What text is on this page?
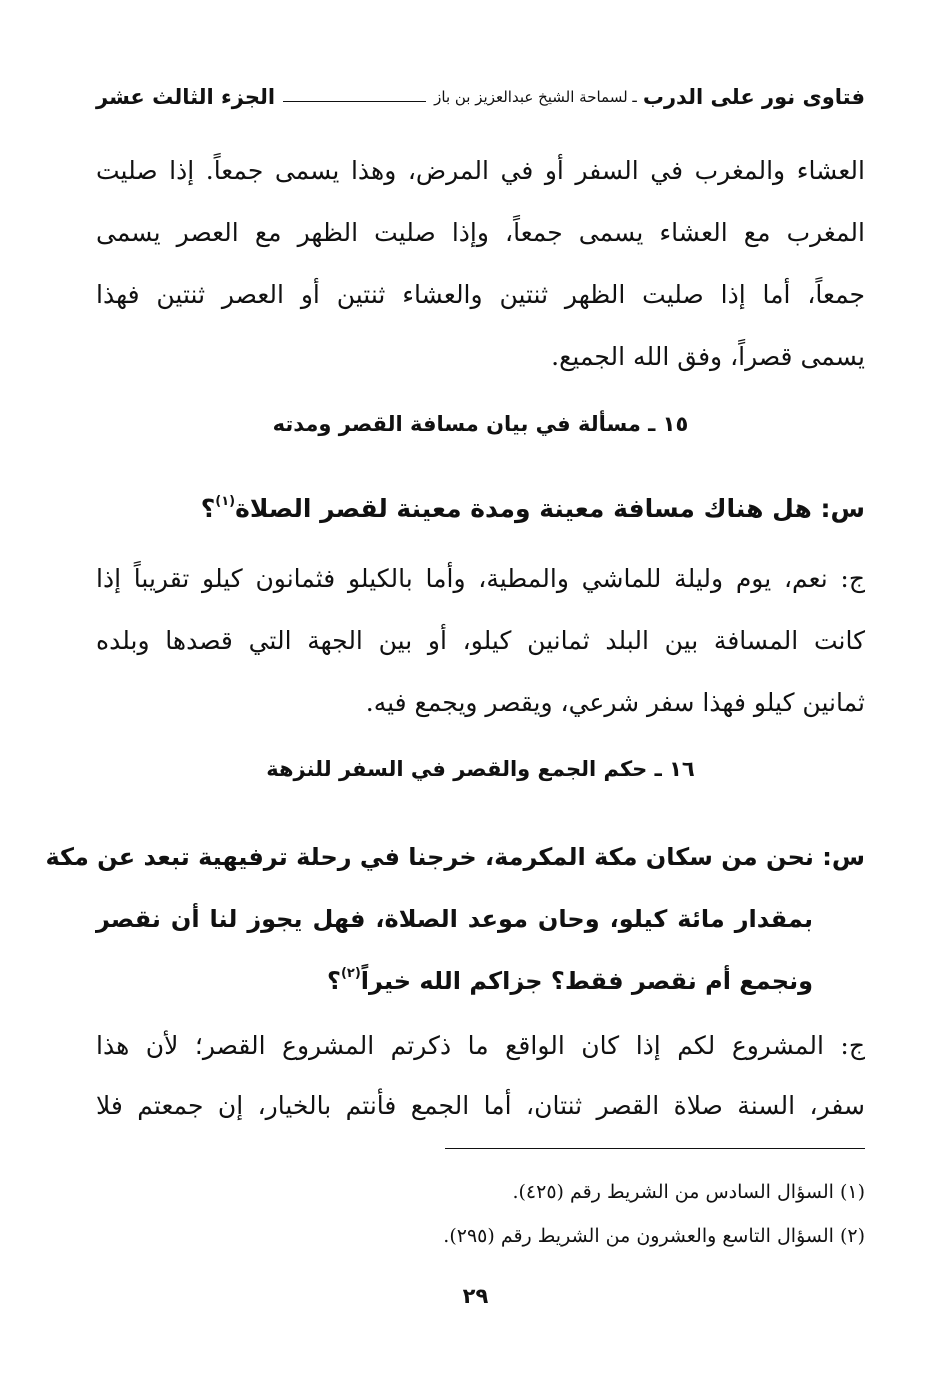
فتاوى نور على الدرب
ـ لسماحة الشيخ عبدالعزيز بن باز
الجزء الثالث عشر
العشاء والمغرب في السفر أو في المرض، وهذا يسمى جمعاً. إذا صليت
المغرب مع العشاء يسمى جمعاً، وإذا صليت الظهر مع العصر يسمى
جمعاً، أما إذا صليت الظهر ثنتين والعشاء ثنتين أو العصر ثنتين فهذا
يسمى قصراً، وفق الله الجميع.
١٥ ـ مسألة في بيان مسافة القصر ومدته
س: هل هناك مسافة معينة ومدة معينة لقصر الصلاة$^{(١)}$؟
ج: نعم، يوم وليلة للماشي والمطية، وأما بالكيلو فثمانون كيلو تقريباً إذا
كانت المسافة بين البلد ثمانين كيلو، أو بين الجهة التي قصدها وبلده
ثمانين كيلو فهذا سفر شرعي، ويقصر ويجمع فيه.
١٦ ـ حكم الجمع والقصر في السفر للنزهة
س: نحن من سكان مكة المكرمة، خرجنا في رحلة ترفيهية تبعد عن مكة
بمقدار مائة كيلو، وحان موعد الصلاة، فهل يجوز لنا أن نقصر
ونجمع أم نقصر فقط؟ جزاكم الله خيراً$^{(٢)}$؟
ج: المشروع لكم إذا كان الواقع ما ذكرتم المشروع القصر؛ لأن هذا
سفر، السنة صلاة القصر ثنتان، أما الجمع فأنتم بالخيار، إن جمعتم فلا
(١) السؤال السادس من الشريط رقم (٤٢٥).
(٢) السؤال التاسع والعشرون من الشريط رقم (٢٩٥).
٢٩
